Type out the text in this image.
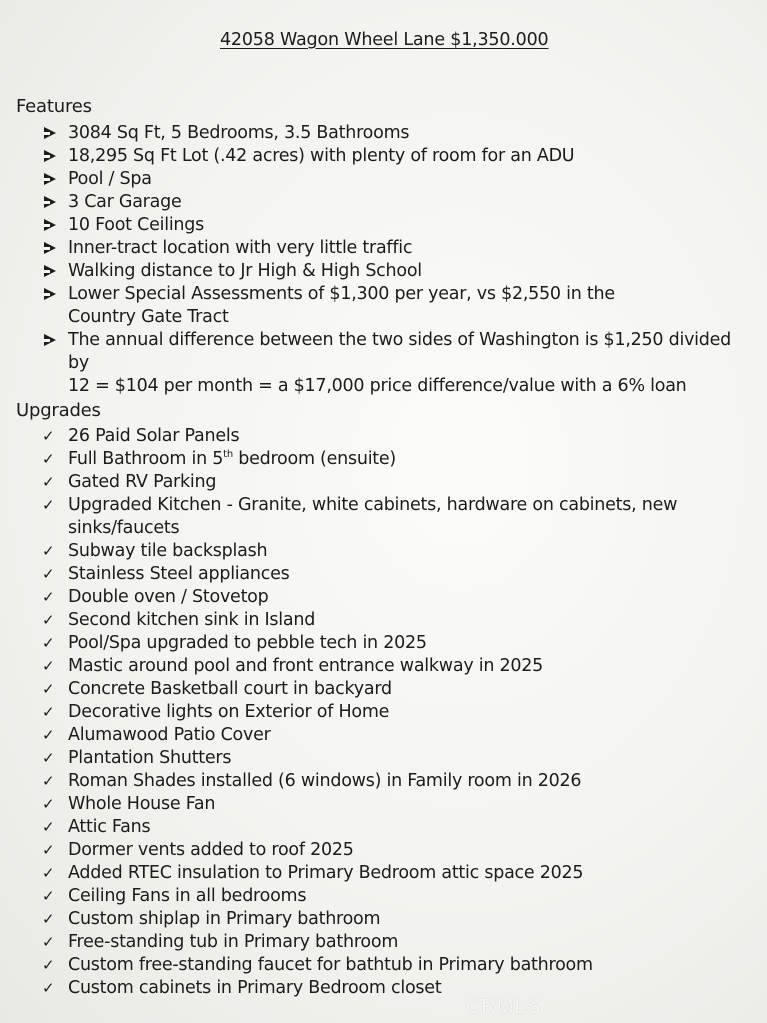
42058 Wagon Wheel Lane $1,350.000
Features
3084 Sq Ft, 5 Bedrooms, 3.5 Bathrooms
18,295 Sq Ft Lot (.42 acres) with plenty of room for an ADU
Pool / Spa
3 Car Garage
10 Foot Ceilings
Inner-tract location with very little traffic
Walking distance to Jr High & High School
Lower Special Assessments of $1,300 per year, vs $2,550 in the
Country Gate Tract
The annual difference between the two sides of Washington is $1,250 divided by
12 = $104 per month = a $17,000 price difference/value with a 6% loan
Upgrades
✓ 26 Paid Solar Panels
✓ Full Bathroom in 5th bedroom (ensuite)
✓ Gated RV Parking
✓ Upgraded Kitchen - Granite, white cabinets, hardware on cabinets, new
sinks/faucets
✓ Subway tile backsplash
✓ Stainless Steel appliances
✓ Double oven / Stovetop
✓ Second kitchen sink in Island
✓ Pool/Spa upgraded to pebble tech in 2025
✓ Mastic around pool and front entrance walkway in 2025
✓ Concrete Basketball court in backyard
✓ Decorative lights on Exterior of Home
✓ Alumawood Patio Cover
✓ Plantation Shutters
✓ Roman Shades installed (6 windows) in Family room in 2026
✓ Whole House Fan
✓ Attic Fans
✓ Dormer vents added to roof 2025
✓ Added RTEC insulation to Primary Bedroom attic space 2025
✓ Ceiling Fans in all bedrooms
✓ Custom shiplap in Primary bathroom
✓ Free-standing tub in Primary bathroom
✓ Custom free-standing faucet for bathtub in Primary bathroom
✓ Custom cabinets in Primary Bedroom closet
CRMLS
